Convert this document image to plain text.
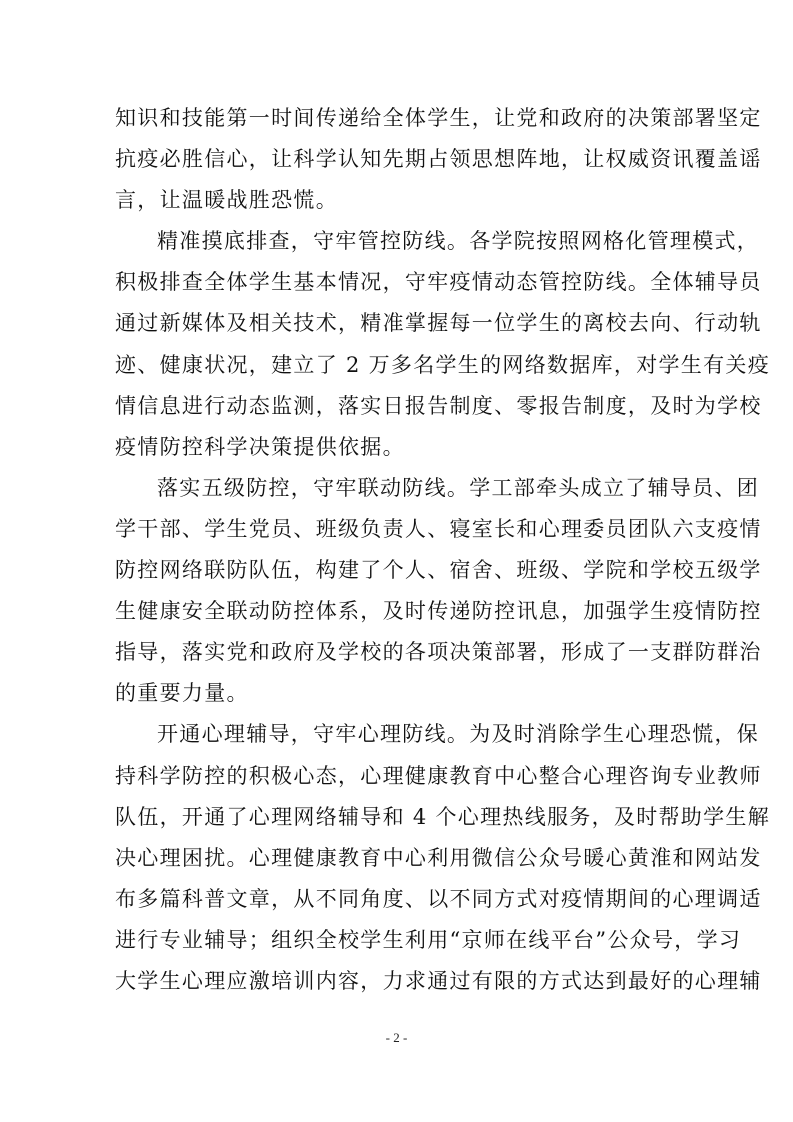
知识和技能第一时间传递给全体学生，让党和政府的决策部署坚定
抗疫必胜信心，让科学认知先期占领思想阵地，让权威资讯覆盖谣
言，让温暖战胜恐慌。
精准摸底排查，守牢管控防线。各学院按照网格化管理模式，
积极排查全体学生基本情况，守牢疫情动态管控防线。全体辅导员
通过新媒体及相关技术，精准掌握每一位学生的离校去向、行动轨
迹、健康状况，建立了 2 万多名学生的网络数据库，对学生有关疫
情信息进行动态监测，落实日报告制度、零报告制度，及时为学校
疫情防控科学决策提供依据。
落实五级防控，守牢联动防线。学工部牵头成立了辅导员、团
学干部、学生党员、班级负责人、寝室长和心理委员团队六支疫情
防控网络联防队伍，构建了个人、宿舍、班级、学院和学校五级学
生健康安全联动防控体系，及时传递防控讯息，加强学生疫情防控
指导，落实党和政府及学校的各项决策部署，形成了一支群防群治
的重要力量。
开通心理辅导，守牢心理防线。为及时消除学生心理恐慌，保
持科学防控的积极心态，心理健康教育中心整合心理咨询专业教师
队伍，开通了心理网络辅导和 4 个心理热线服务，及时帮助学生解
决心理困扰。心理健康教育中心利用微信公众号暖心黄淮和网站发
布多篇科普文章，从不同角度、以不同方式对疫情期间的心理调适
进行专业辅导；组织全校学生利用“京师在线平台”公众号，学习
大学生心理应激培训内容，力求通过有限的方式达到最好的心理辅
- 2 -
